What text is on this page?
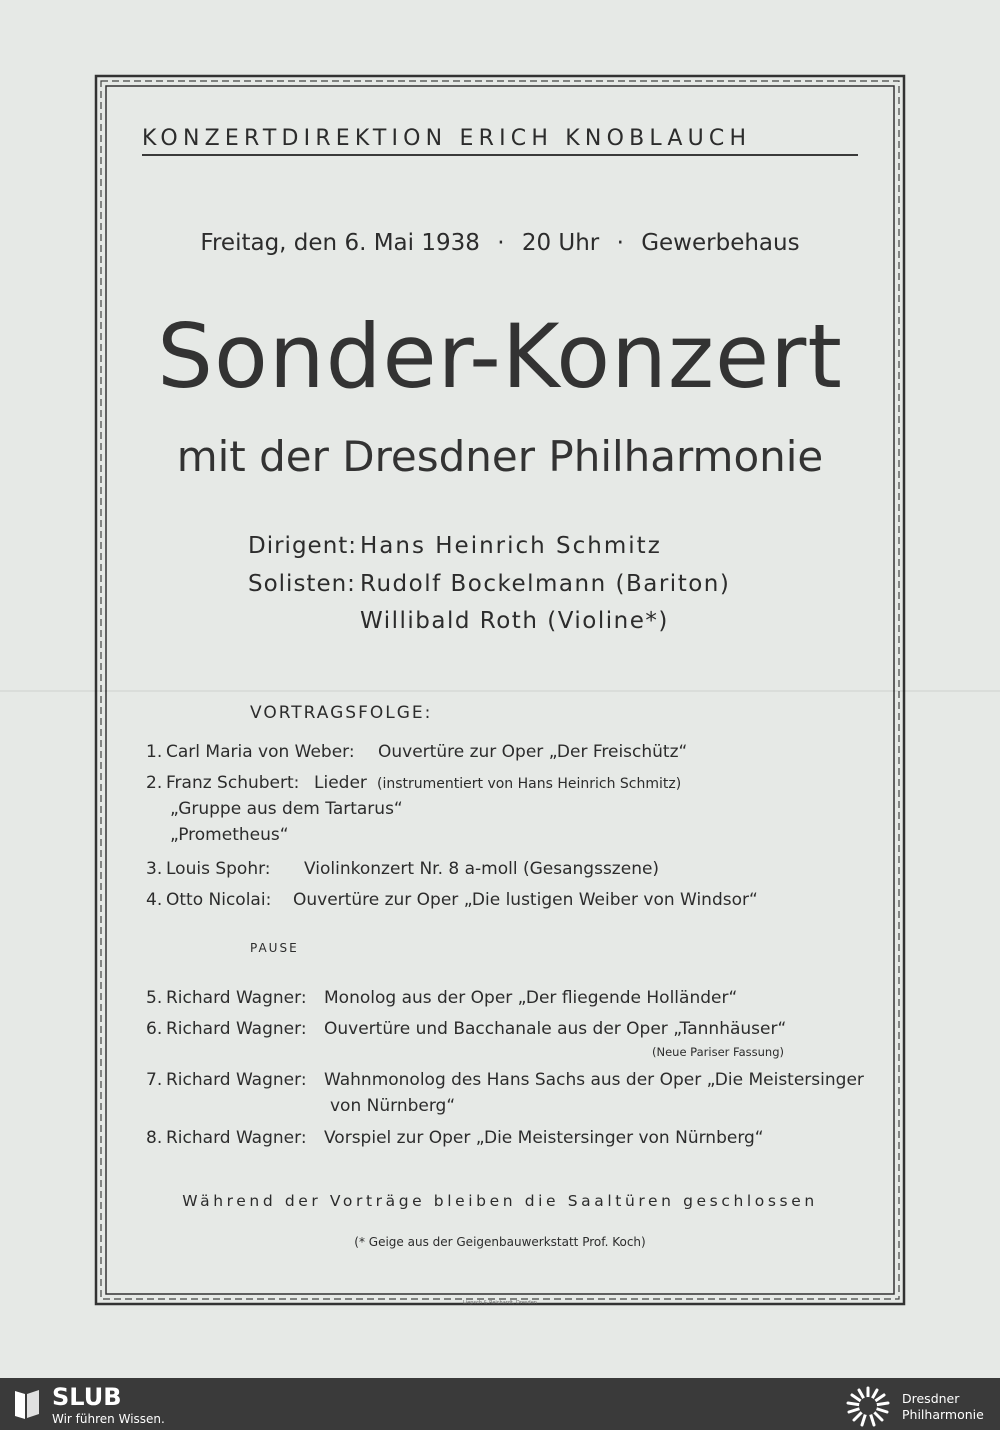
KONZERTDIREKTION ERICH KNOBLAUCH
Freitag, den 6. Mai 1938 · 20 Uhr · Gewerbehaus
Sonder-Konzert
mit der Dresdner Philharmonie
Dirigent: Hans Heinrich Schmitz
Solisten: Rudolf Bockelmann (Bariton)
Willibald Roth (Violine*)
VORTRAGSFOLGE:
1. Carl Maria von Weber: Ouvertüre zur Oper „Der Freischütz“
2. Franz Schubert: Lieder (instrumentiert von Hans Heinrich Schmitz)
„Gruppe aus dem Tartarus“
„Prometheus“
3. Louis Spohr: Violinkonzert Nr. 8 a-moll (Gesangsszene)
4. Otto Nicolai: Ouvertüre zur Oper „Die lustigen Weiber von Windsor“
PAUSE
5. Richard Wagner: Monolog aus der Oper „Der fliegende Holländer“
6. Richard Wagner: Ouvertüre und Bacchanale aus der Oper „Tannhäuser“
(Neue Pariser Fassung)
7. Richard Wagner: Wahnmonolog des Hans Sachs aus der Oper „Die Meistersinger
von Nürnberg“
8. Richard Wagner: Vorspiel zur Oper „Die Meistersinger von Nürnberg“
Während der Vorträge bleiben die Saaltüren geschlossen
(* Geige aus der Geigenbauwerkstatt Prof. Koch)
Liepsch & Reichardt, Dresden
SLUB
Wir führen Wissen.
Dresdner
Philharmonie
